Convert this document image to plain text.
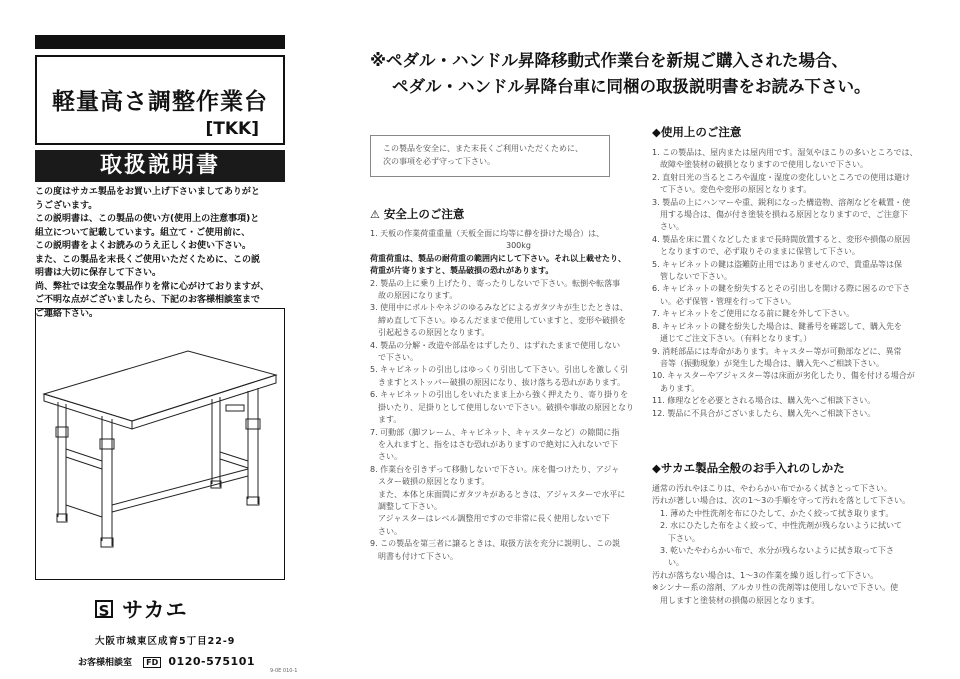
軽量高さ調整作業台
[TKK]
取扱説明書

この度はサカエ製品をお買い上げ下さいましてありがと

うございます。

この説明書は、この製品の使い方(使用上の注意事項)と

組立について記載しています。組立て・ご使用前に、

この説明書をよくお読みのうえ正しくお使い下さい。

また、この製品を末長くご使用いただくために、この説

明書は大切に保存して下さい。

尚、弊社では安全な製品作りを常に心がけておりますが、

ご不明な点がございましたら、下記のお客様相談室まで

ご連絡下さい。

S サカエ
大阪市城東区成育5丁目22-9
お客様相談室 FD 0120-575101
9-0E 010-1
※ペダル・ハンドル昇降移動式作業台を新規ご購入された場合、
ペダル・ハンドル昇降台車に同梱の取扱説明書をお読み下さい。
この製品を安全に、また末長くご利用いただくために、
次の事項を必ず守って下さい。
⚠ 安全上のご注意

1. 天板の作業荷重重量（天板全面に均等に静を掛けた場合）は、

　　　　　　　　　　　　　　　　　300kg

荷重荷重は、製品の耐荷重の範囲内にして下さい。それ以上載せたり、

荷重が片寄りますと、製品破損の恐れがあります。

2. 製品の上に乗り上げたり、寄ったりしないで下さい。転倒や転落事

　故の原因になります。

3. 使用中にボルトやネジのゆるみなどによるガタツキが生じたときは、

　締め直して下さい。ゆるんだままで使用していますと、変形や破損を

　引起起きるの原因となります。

4. 製品の分解・改造や部品をはずしたり、はずれたままで使用しない

　で下さい。

5. キャビネットの引出しはゆっくり引出して下さい。引出しを激しく引

　きますとストッパー破損の原因になり、抜け落ちる恐れがあります。

6. キャビネットの引出しをいれたまま上から強く押えたり、寄り掛りを

　掛いたり、足掛りとして使用しないで下さい。破損や事故の原因となり

　ます。

7. 可動部（脚フレーム、キャビネット、キャスターなど）の隙間に指

　を入れますと、指をはさむ恐れがありますので絶対に入れないで下

　さい。

8. 作業台を引きずって移動しないで下さい。床を傷つけたり、アジャ

　スター破損の原因となります。

　また、本体と床面間にガタツキがあるときは、アジャスターで水平に

　調整して下さい。

　アジャスターはレベル調整用ですので非常に長く使用しないで下

　さい。

9. この製品を第三者に譲るときは、取扱方法を充分に説明し、この説

　明書も付けて下さい。

◆使用上のご注意

1. この製品は、屋内または屋内用です。湿気やほこりの多いところでは、

　故障や塗装材の破損となりますので使用しないで下さい。

2. 直射日光の当るところや温度・湿度の変化しいところでの使用は避け

　て下さい。変色や変形の原因となります。

3. 製品の上にハンマーや重、鋭利になった構造物、溶剤などを載置・使

　用する場合は、傷が付き塗装を損ねる原因となりますので、ご注意下

　さい。

4. 製品を床に置くなどしたままで長時間放置すると、変形や損傷の原因

　となりますので、必ず取りそのままに保管して下さい。

5. キャビネットの鍵は盗難防止用ではありませんので、貴重品等は保

　管しないで下さい。

6. キャビネットの鍵を紛失するとその引出しを開ける際に困るので下さ

　い。必ず保管・管理を行って下さい。

7. キャビネットをご使用になる前に鍵を外して下さい。

8. キャビネットの鍵を紛失した場合は、鍵番号を確認して、購入先を

　通じてご注文下さい。（有料となります。）

9. 消耗部品には寿命があります。キャスター等が可動部などに、異常

　音等（振動現象）が発生した場合は、購入先へご相談下さい。

10. キャスターやアジャスター等は床面が劣化したり、傷を付ける場合が

　あります。

11. 修理などを必要とされる場合は、購入先へご相談下さい。

12. 製品に不具合がございましたら、購入先へご相談下さい。

◆サカエ製品全般のお手入れのしかた

通常の汚れやほこりは、やわらかい布でかるく拭きとって下さい。

汚れが著しい場合は、次の1～3の手順を守って汚れを落として下さい。

　1. 薄めた中性洗剤を布にひたして、かたく絞って拭き取ります。

　2. 水にひたした布をよく絞って、中性洗剤が残らないように拭いて

　　下さい。

　3. 乾いたやわらかい布で、水分が残らないように拭き取って下さ

　　い。

汚れが落ちない場合は、1～3の作業を繰り返し行って下さい。

※シンナー系の溶剤、アルカリ性の洗剤等は使用しないで下さい。使

　用しますと塗装材の損傷の原因となります。
